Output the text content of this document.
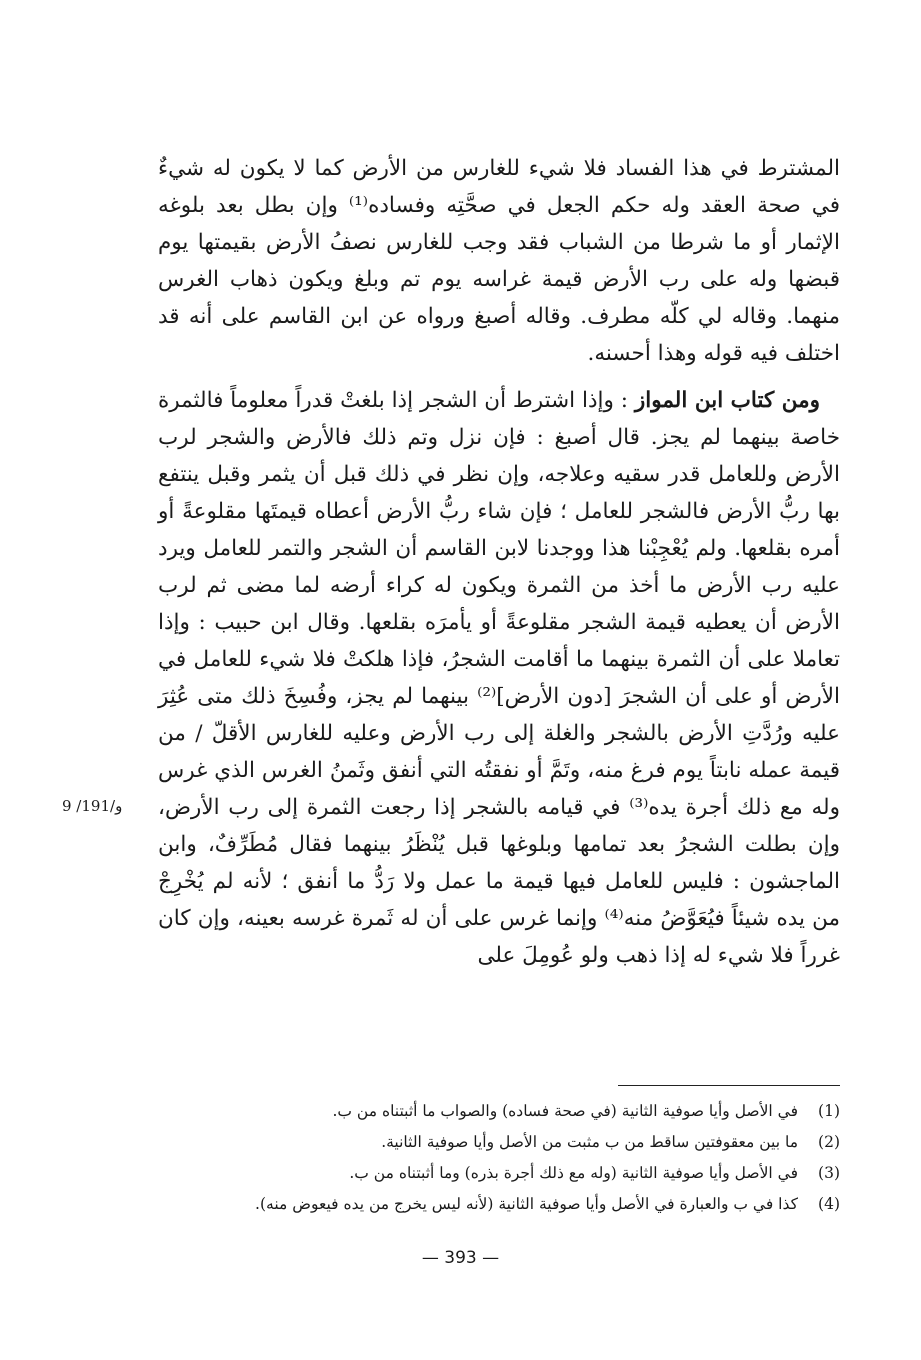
المشترط في هذا الفساد فلا شيء للغارس من الأرض كما لا يكون له شيءٌ في صحة العقد وله حكم الجعل في صحَّتِه وفساده⁽¹⁾ وإن بطل بعد بلوغه الإثمار أو ما شرطا من الشباب فقد وجب للغارس نصفُ الأرض بقيمتها يوم قبضها وله على رب الأرض قيمة غراسه يوم تم وبلغ ويكون ذهاب الغرس منهما. وقاله لي كلّه مطرف. وقاله أصبغ ورواه عن ابن القاسم على أنه قد اختلف فيه قوله وهذا أحسنه.

ومن كتاب ابن المواز : وإذا اشترط أن الشجر إذا بلغتْ قدراً معلوماً فالثمرة خاصة بينهما لم يجز. قال أصبغ : فإن نزل وتم ذلك فالأرض والشجر لرب الأرض وللعامل قدر سقيه وعلاجه، وإن نظر في ذلك قبل أن يثمر وقبل ينتفع بها ربُّ الأرض فالشجر للعامل ؛ فإن شاء ربُّ الأرض أعطاه قيمتَها مقلوعةً أو أمره بقلعها. ولم يُعْجِبْنا هذا ووجدنا لابن القاسم أن الشجر والتمر للعامل ويرد عليه رب الأرض ما أخذ من الثمرة ويكون له كراء أرضه لما مضى ثم لرب الأرض أن يعطيه قيمة الشجر مقلوعةً أو يأمرَه بقلعها. وقال ابن حبيب : وإذا تعاملا على أن الثمرة بينهما ما أقامت الشجرُ، فإذا هلكتْ فلا شيء للعامل في الأرض أو على أن الشجرَ [دون الأرض]⁽²⁾ بينهما لم يجز، وفُسِخَ ذلك متى عُثِرَ عليه ورُدَّتِ الأرض بالشجر والغلة إلى رب الأرض وعليه للغارس الأقلّ / من قيمة عمله نابتاً يوم فرغ منه، وتَمَّ أو نفقتُه التي أنفق وثَمنُ الغرس الذي غرس وله مع ذلك أجرة يده⁽³⁾ في قيامه بالشجر إذا رجعت الثمرة إلى رب الأرض، وإن بطلت الشجرُ بعد تمامها وبلوغها قبل يُنْظَرُ بينهما فقال مُطَرِّفٌ، وابن الماجشون : فليس للعامل فيها قيمة ما عمل ولا رَدُّ ما أنفق ؛ لأنه لم يُخْرِجْ من يده شيئاً فيُعَوَّضُ منه⁽⁴⁾ وإنما غرس على أن له ثَمرة غرسه بعينه، وإن كان غرراً فلا شيء له إذا ذهب ولو عُومِلَ على

9 /191/و
(1)
في الأصل وأيا صوفية الثانية (في صحة فساده) والصواب ما أثبتناه من ب.
(2)
ما بين معقوفتين ساقط من ب مثبت من الأصل وأيا صوفية الثانية.
(3)
في الأصل وأيا صوفية الثانية (وله مع ذلك أجرة بذره) وما أثبتناه من ب.
(4)
كذا في ب والعبارة في الأصل وأيا صوفية الثانية (لأنه ليس يخرج من يده فيعوض منه).
— 393 —
